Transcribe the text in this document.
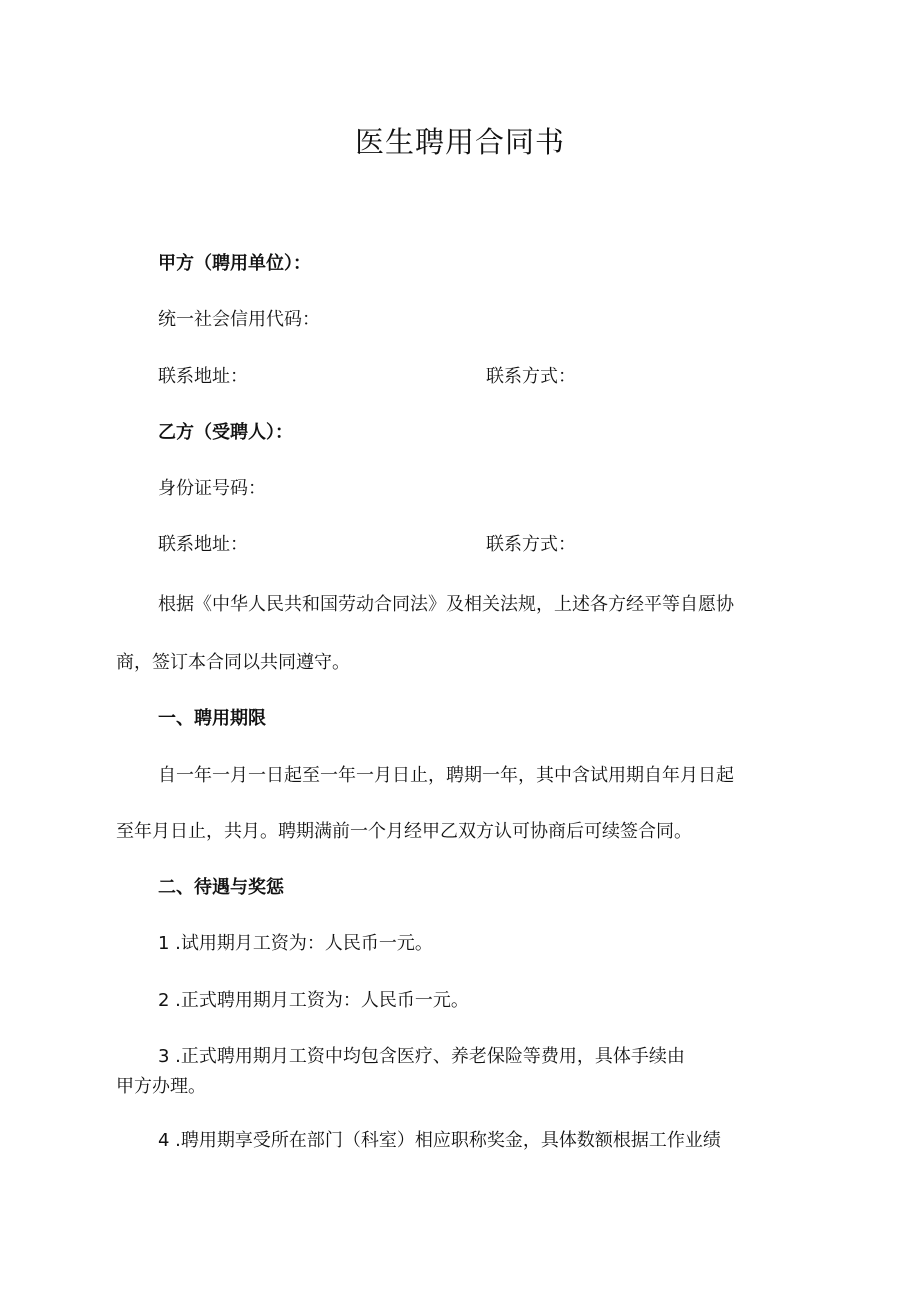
医生聘用合同书

甲方（聘用单位）：

统一社会信用代码：

联系地址：	联系方式：

乙方（受聘人）：

身份证号码：

联系地址：	联系方式：

根据《中华人民共和国劳动合同法》及相关法规，上述各方经平等自愿协

商，签订本合同以共同遵守。

一、聘用期限

自一年一月一日起至一年一月日止，聘期一年，其中含试用期自年月日起

至年月日止，共月。聘期满前一个月经甲乙双方认可协商后可续签合同。

二、待遇与奖惩

1 .试用期月工资为：人民币一元。

2 .正式聘用期月工资为：人民币一元。

3 .正式聘用期月工资中均包含医疗、养老保险等费用，具体手续由

甲方办理。

4 .聘用期享受所在部门（科室）相应职称奖金，具体数额根据工作业绩
